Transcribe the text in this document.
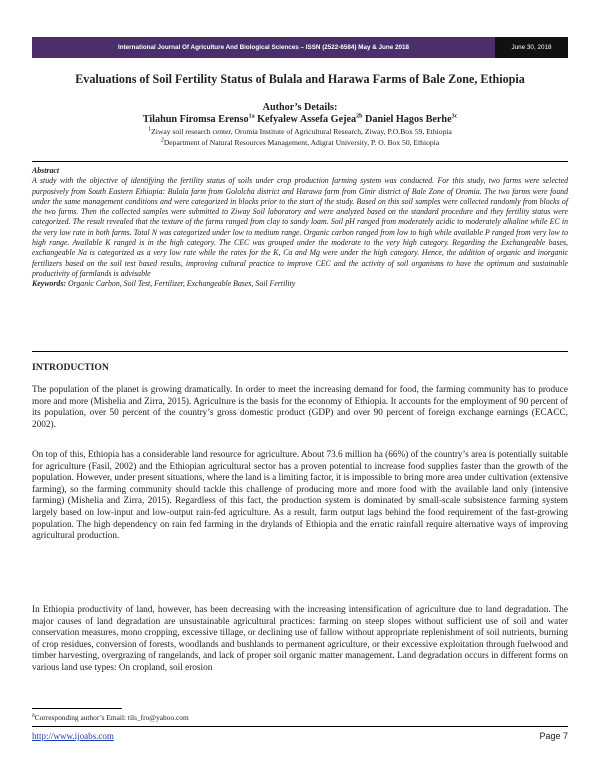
International Journal Of Agriculture And Biological Sciences – ISSN (2522-6584) May & June 2018	June 30, 2018
Evaluations of Soil Fertility Status of Bulala and Harawa Farms of Bale Zone, Ethiopia
Author’s Details:
Tilahun Firomsa Erenso$^{1a}$ Kefyalew Assefa Gejea$^{2b}$ Daniel Hagos Berhe$^{3c}$
$^1$Ziway soil research center, Oromia Institute of Agricultural Research, Ziway, P.O.Box 59, Ethiopia
$^2$Department of Natural Resources Management, Adigrat University, P. O. Box 50, Ethiopia
Abstract
A study with the objective of identifying the fertility status of soils under crop production farming system was conducted. For this study, two farms were selected purposively from South Eastern Ethiopia: Bulala farm from Gololcha district and Harawa farm from Ginir district of Bale Zone of Oromia. The two farms were found under the same management conditions and were categorized in blocks prior to the start of the study. Based on this soil samples were collected randomly from blocks of the two farms. Then the collected samples were submitted to Ziway Soil laboratory and were analyzed based on the standard procedure and they fertility status were categorized. The result revealed that the texture of the farms ranged from clay to sandy loam. Soil pH ranged from moderately acidic to moderately alkaline while EC in the very low rate in both farms. Total N was categorized under low to medium range. Organic carbon ranged from low to high while available P ranged from very low to high range. Available K ranged is in the high category. The CEC was grouped under the moderate to the very high category. Regarding the Exchangeable bases, exchangeable Na is categorized as a very low rate while the rates for the K, Ca and Mg were under the high category. Hence, the addition of organic and inorganic fertilizers based on the soil test based results, improving cultural practice to improve CEC and the activity of soil organisms to have the optimum and sustainable productivity of farmlands is advisable
Keywords: Organic Carbon, Soil Test, Fertilizer, Exchangeable Bases, Soil Fertility
INTRODUCTION
The population of the planet is growing dramatically. In order to meet the increasing demand for food, the farming community has to produce more and more (Mishelia and Zirra, 2015). Agriculture is the basis for the economy of Ethiopia. It accounts for the employment of 90 percent of its population, over 50 percent of the country’s gross domestic product (GDP) and over 90 percent of foreign exchange earnings (ECACC, 2002).
On top of this, Ethiopia has a considerable land resource for agriculture. About 73.6 million ha (66%) of the country’s area is potentially suitable for agriculture (Fasil, 2002) and the Ethiopian agricultural sector has a proven potential to increase food supplies faster than the growth of the population. However, under present situations, where the land is a limiting factor, it is impossible to bring more area under cultivation (extensive farming), so the farming community should tackle this challenge of producing more and more food with the available land only (intensive farming) (Mishelia and Zirra, 2015). Regardless of this fact, the production system is dominated by small-scale subsistence farming system largely based on low-input and low-output rain-fed agriculture. As a result, farm output lags behind the food requirement of the fast-growing population. The high dependency on rain fed farming in the drylands of Ethiopia and the erratic rainfall require alternative ways of improving agricultural production.
In Ethiopia productivity of land, however, has been decreasing with the increasing intensification of agriculture due to land degradation. The major causes of land degradation are unsustainable agricultural practices: farming on steep slopes without sufficient use of soil and water conservation measures, mono cropping, excessive tillage, or declining use of fallow without appropriate replenishment of soil nutrients, burning of crop residues, conversion of forests, woodlands and bushlands to permanent agriculture, or their excessive exploitation through fuelwood and timber harvesting, overgrazing of rangelands, and lack of proper soil organic matter management. Land degradation occurs in different forms on various land use types: On cropland, soil erosion
$^a$Corresponding author’s Email: tils_fro@yahoo.com
http://www.ijoabs.com	Page 7
